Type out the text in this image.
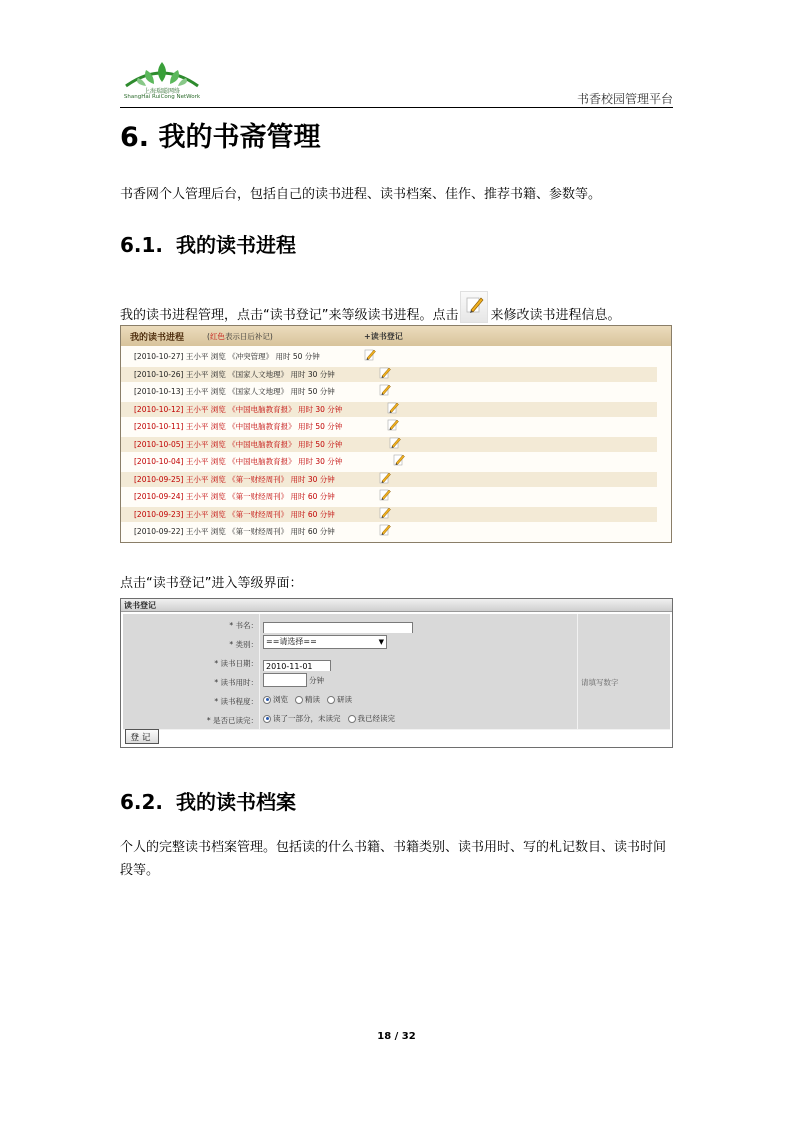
上海瑞聪网络
ShangHai RuiCong NetWork	书香校园管理平台
6. 我的书斋管理
书香网个人管理后台，包括自己的读书进程、读书档案、佳作、推荐书籍、参数等。
6.1. 我的读书进程
我的读书进程管理，点击“读书登记”来等级读书进程。点击 来修改读书进程信息。
我的读书进程	(红色表示日后补记)	+读书登记
[2010-10-27] 王小平 浏览 《冲突管理》 用时 50 分钟
[2010-10-26] 王小平 浏览 《国家人文地理》 用时 30 分钟
[2010-10-13] 王小平 浏览 《国家人文地理》 用时 50 分钟
[2010-10-12] 王小平 浏览 《中国电脑教育报》 用时 30 分钟
[2010-10-11] 王小平 浏览 《中国电脑教育报》 用时 50 分钟
[2010-10-05] 王小平 浏览 《中国电脑教育报》 用时 50 分钟
[2010-10-04] 王小平 浏览 《中国电脑教育报》 用时 30 分钟
[2010-09-25] 王小平 浏览 《第一财经周刊》 用时 30 分钟
[2010-09-24] 王小平 浏览 《第一财经周刊》 用时 60 分钟
[2010-09-23] 王小平 浏览 《第一财经周刊》 用时 60 分钟
[2010-09-22] 王小平 浏览 《第一财经周刊》 用时 60 分钟
点击“读书登记”进入等级界面：
读书登记
* 书名：
* 类别：	==请选择==	▼
* 读书日期：
2010-11-01
* 读书用时：	分钟	请填写数字
* 读书程度： 浏览 精读 研读
* 是否已读完： 读了一部分，未读完 我已经读完
登记
6.2. 我的读书档案
个人的完整读书档案管理。包括读的什么书籍、书籍类别、读书用时、写的札记数目、读书时间段等。
18 / 32
